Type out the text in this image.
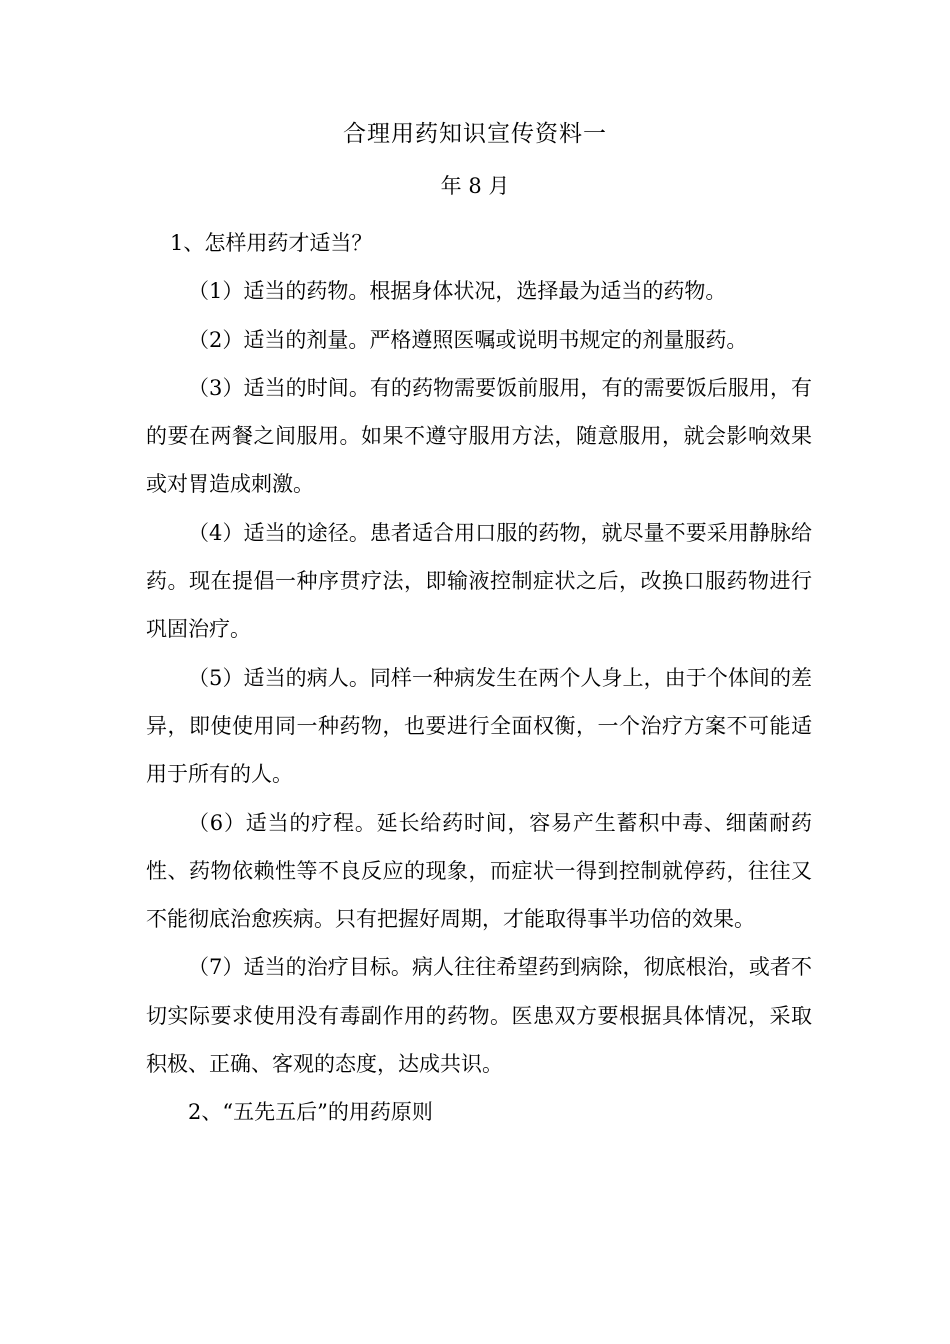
合理用药知识宣传资料一
年 8 月

1、怎样用药才适当？

（1）适当的药物。根据身体状况，选择最为适当的药物。

（2）适当的剂量。严格遵照医嘱或说明书规定的剂量服药。

（3）适当的时间。有的药物需要饭前服用，有的需要饭后服用，有的要在两餐之间服用。如果不遵守服用方法，随意服用，就会影响效果或对胃造成刺激。

（4）适当的途径。患者适合用口服的药物，就尽量不要采用静脉给药。现在提倡一种序贯疗法，即输液控制症状之后，改换口服药物进行巩固治疗。

（5）适当的病人。同样一种病发生在两个人身上，由于个体间的差异，即使使用同一种药物，也要进行全面权衡，一个治疗方案不可能适用于所有的人。

（6）适当的疗程。延长给药时间，容易产生蓄积中毒、细菌耐药性、药物依赖性等不良反应的现象，而症状一得到控制就停药，往往又不能彻底治愈疾病。只有把握好周期，才能取得事半功倍的效果。

（7）适当的治疗目标。病人往往希望药到病除，彻底根治，或者不切实际要求使用没有毒副作用的药物。医患双方要根据具体情况，采取积极、正确、客观的态度，达成共识。

2、“五先五后”的用药原则
